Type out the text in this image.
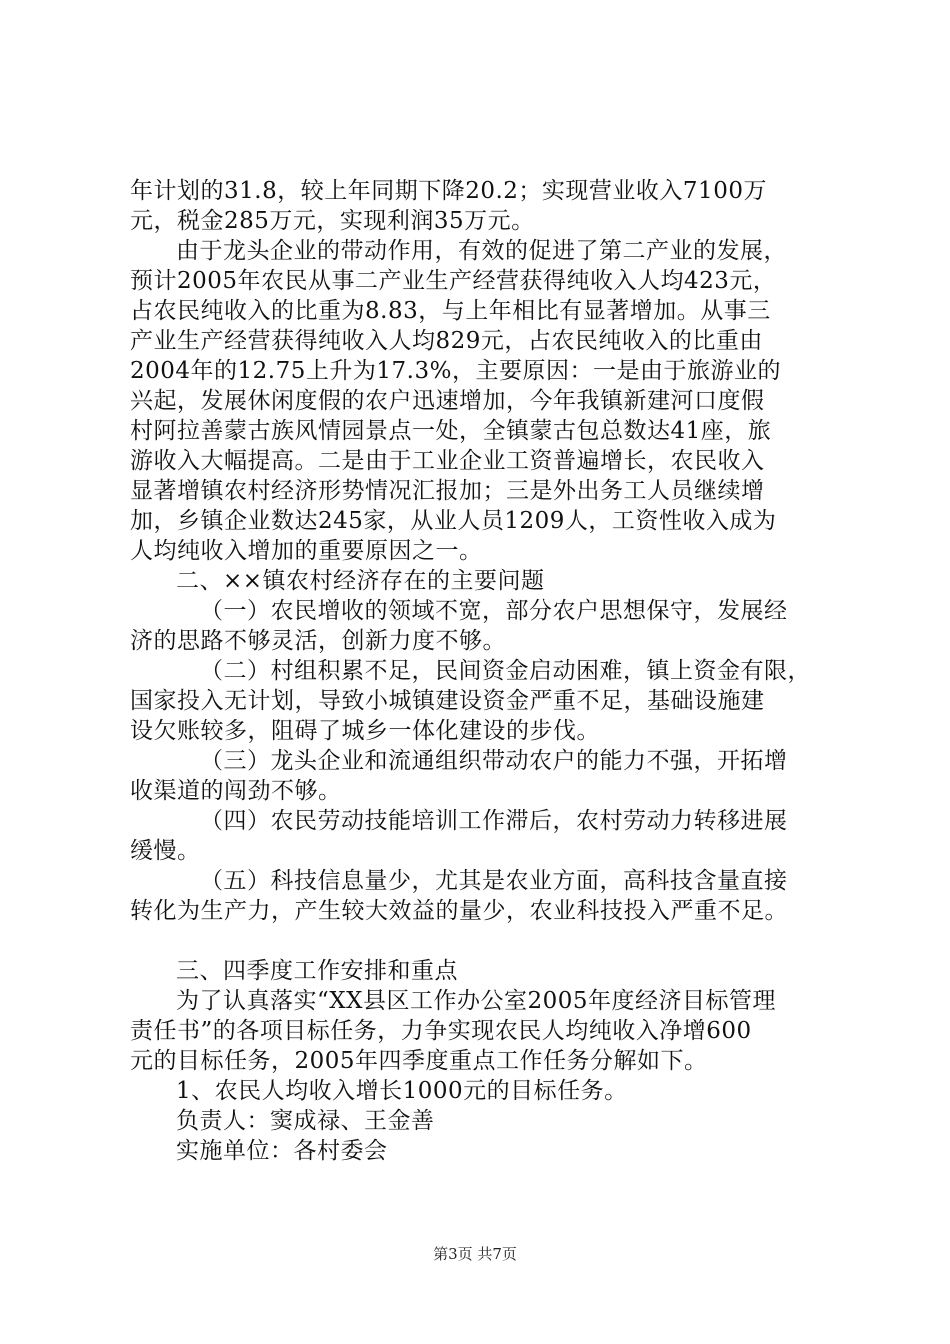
年计划的31.8，较上年同期下降20.2；实现营业收入7100万
元，税金285万元，实现利润35万元。
由于龙头企业的带动作用，有效的促进了第二产业的发展，
预计2005年农民从事二产业生产经营获得纯收入人均423元，
占农民纯收入的比重为8.83，与上年相比有显著增加。从事三
产业生产经营获得纯收入人均829元，占农民纯收入的比重由
2004年的12.75上升为17.3%，主要原因：一是由于旅游业的
兴起，发展休闲度假的农户迅速增加，今年我镇新建河口度假
村阿拉善蒙古族风情园景点一处，全镇蒙古包总数达41座，旅
游收入大幅提高。二是由于工业企业工资普遍增长，农民收入
显著增镇农村经济形势情况汇报加；三是外出务工人员继续增
加，乡镇企业数达245家，从业人员1209人，工资性收入成为
人均纯收入增加的重要原因之一。
二、××镇农村经济存在的主要问题
（一）农民增收的领域不宽，部分农户思想保守，发展经
济的思路不够灵活，创新力度不够。
（二）村组积累不足，民间资金启动困难，镇上资金有限，
国家投入无计划，导致小城镇建设资金严重不足，基础设施建
设欠账较多，阻碍了城乡一体化建设的步伐。
（三）龙头企业和流通组织带动农户的能力不强，开拓增
收渠道的闯劲不够。
（四）农民劳动技能培训工作滞后，农村劳动力转移进展
缓慢。
（五）科技信息量少，尤其是农业方面，高科技含量直接
转化为生产力，产生较大效益的量少，农业科技投入严重不足。
三、四季度工作安排和重点
为了认真落实“XX县区工作办公室2005年度经济目标管理
责任书”的各项目标任务，力争实现农民人均纯收入净增600
元的目标任务，2005年四季度重点工作任务分解如下。
1、农民人均收入增长1000元的目标任务。
负责人：窦成禄、王金善
实施单位：各村委会
第3页 共7页
